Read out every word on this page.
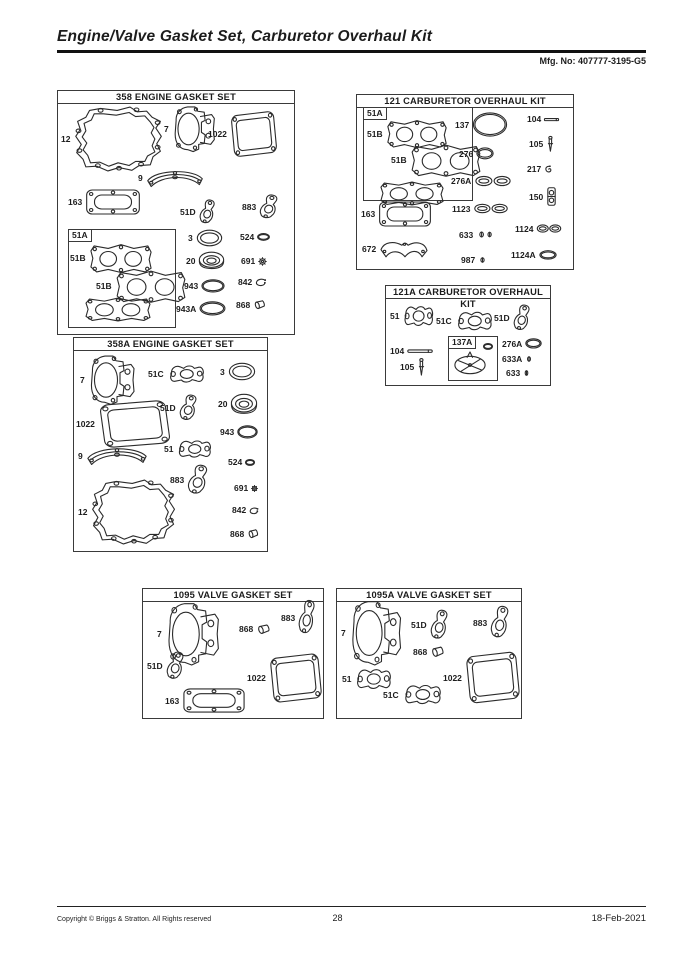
Engine/Valve Gasket Set, Carburetor Overhaul Kit
Mfg. No: 407777-3195-G5
358 ENGINE GASKET SET
51A
12
7	1022
9
163
51D	883
51B
51B
3	524
20	691
943	842
943A	868
121 CARBURETOR OVERHAUL KIT
51A
51B
51B
163
672
137
276
276A
1123
633
987
104
105
217
150
1124
1124A
121A CARBURETOR OVERHAUL KIT
137A
51	51C	51D
104
105
276A
633A
633
358A ENGINE GASKET SET
7
51C	3
1022
51D	20
943
51
9
883
524
691
12	842
868
1095 VALVE GASKET SET
7	868
883
51D
1022
163
1095A VALVE GASKET SET
7
51D	883
868
51
51C
1022
Copyright © Briggs & Stratton. All Rights reserved	28	18-Feb-2021
